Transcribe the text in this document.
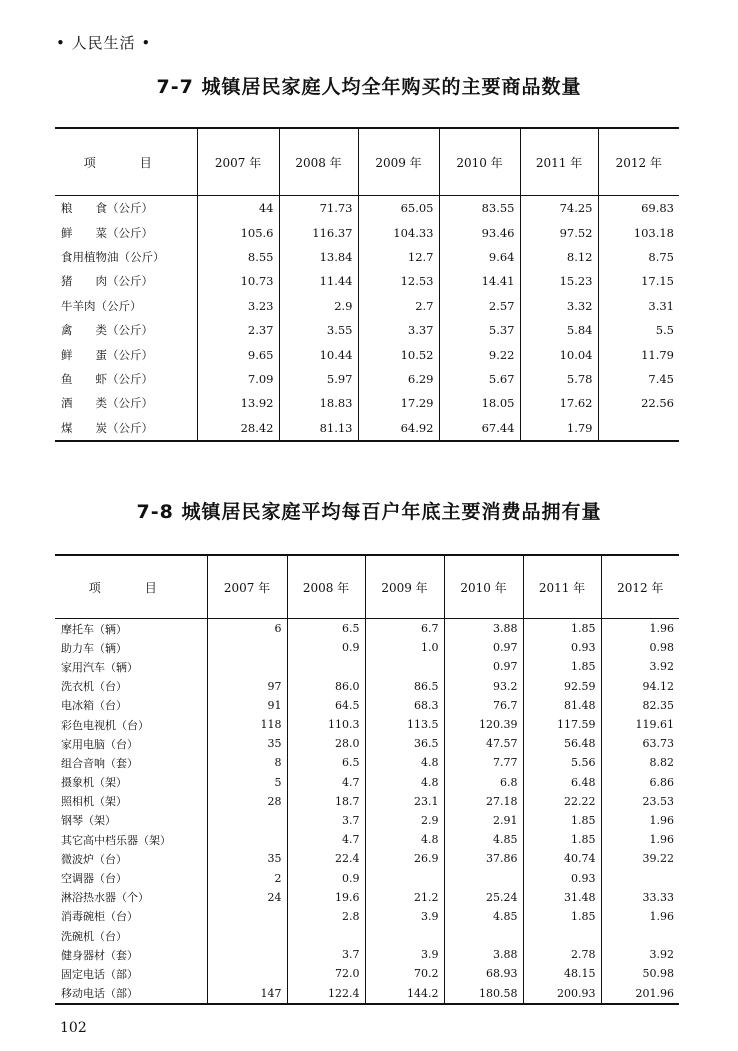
• 人民生活 •
7-7 城镇居民家庭人均全年购买的主要商品数量
项　目	2007 年	2008 年	2009 年	2010 年	2011 年	2012 年
粮　　食（公斤）	44	71.73	65.05	83.55	74.25	69.83
鲜　　菜（公斤）	105.6	116.37	104.33	93.46	97.52	103.18
食用植物油（公斤）	8.55	13.84	12.7	9.64	8.12	8.75
猪　　肉（公斤）	10.73	11.44	12.53	14.41	15.23	17.15
牛羊肉（公斤）	3.23	2.9	2.7	2.57	3.32	3.31
禽　　类（公斤）	2.37	3.55	3.37	5.37	5.84	5.5
鲜　　蛋（公斤）	9.65	10.44	10.52	9.22	10.04	11.79
鱼　　虾（公斤）	7.09	5.97	6.29	5.67	5.78	7.45
酒　　类（公斤）	13.92	18.83	17.29	18.05	17.62	22.56
煤　　炭（公斤）	28.42	81.13	64.92	67.44	1.79	
7-8 城镇居民家庭平均每百户年底主要消费品拥有量
项　目	2007 年	2008 年	2009 年	2010 年	2011 年	2012 年
摩托车（辆）	6	6.5	6.7	3.88	1.85	1.96
助力车（辆）		0.9	1.0	0.97	0.93	0.98
家用汽车（辆）				0.97	1.85	3.92
洗衣机（台）	97	86.0	86.5	93.2	92.59	94.12
电冰箱（台）	91	64.5	68.3	76.7	81.48	82.35
彩色电视机（台）	118	110.3	113.5	120.39	117.59	119.61
家用电脑（台）	35	28.0	36.5	47.57	56.48	63.73
组合音响（套）	8	6.5	4.8	7.77	5.56	8.82
摄象机（架）	5	4.7	4.8	6.8	6.48	6.86
照相机（架）	28	18.7	23.1	27.18	22.22	23.53
钢琴（架）		3.7	2.9	2.91	1.85	1.96
其它高中档乐器（架）		4.7	4.8	4.85	1.85	1.96
微波炉（台）	35	22.4	26.9	37.86	40.74	39.22
空调器（台）	2	0.9			0.93	
淋浴热水器（个）	24	19.6	21.2	25.24	31.48	33.33
消毒碗柜（台）		2.8	3.9	4.85	1.85	1.96
洗碗机（台）						
健身器材（套）		3.7	3.9	3.88	2.78	3.92
固定电话（部）		72.0	70.2	68.93	48.15	50.98
移动电话（部）	147	122.4	144.2	180.58	200.93	201.96
102
